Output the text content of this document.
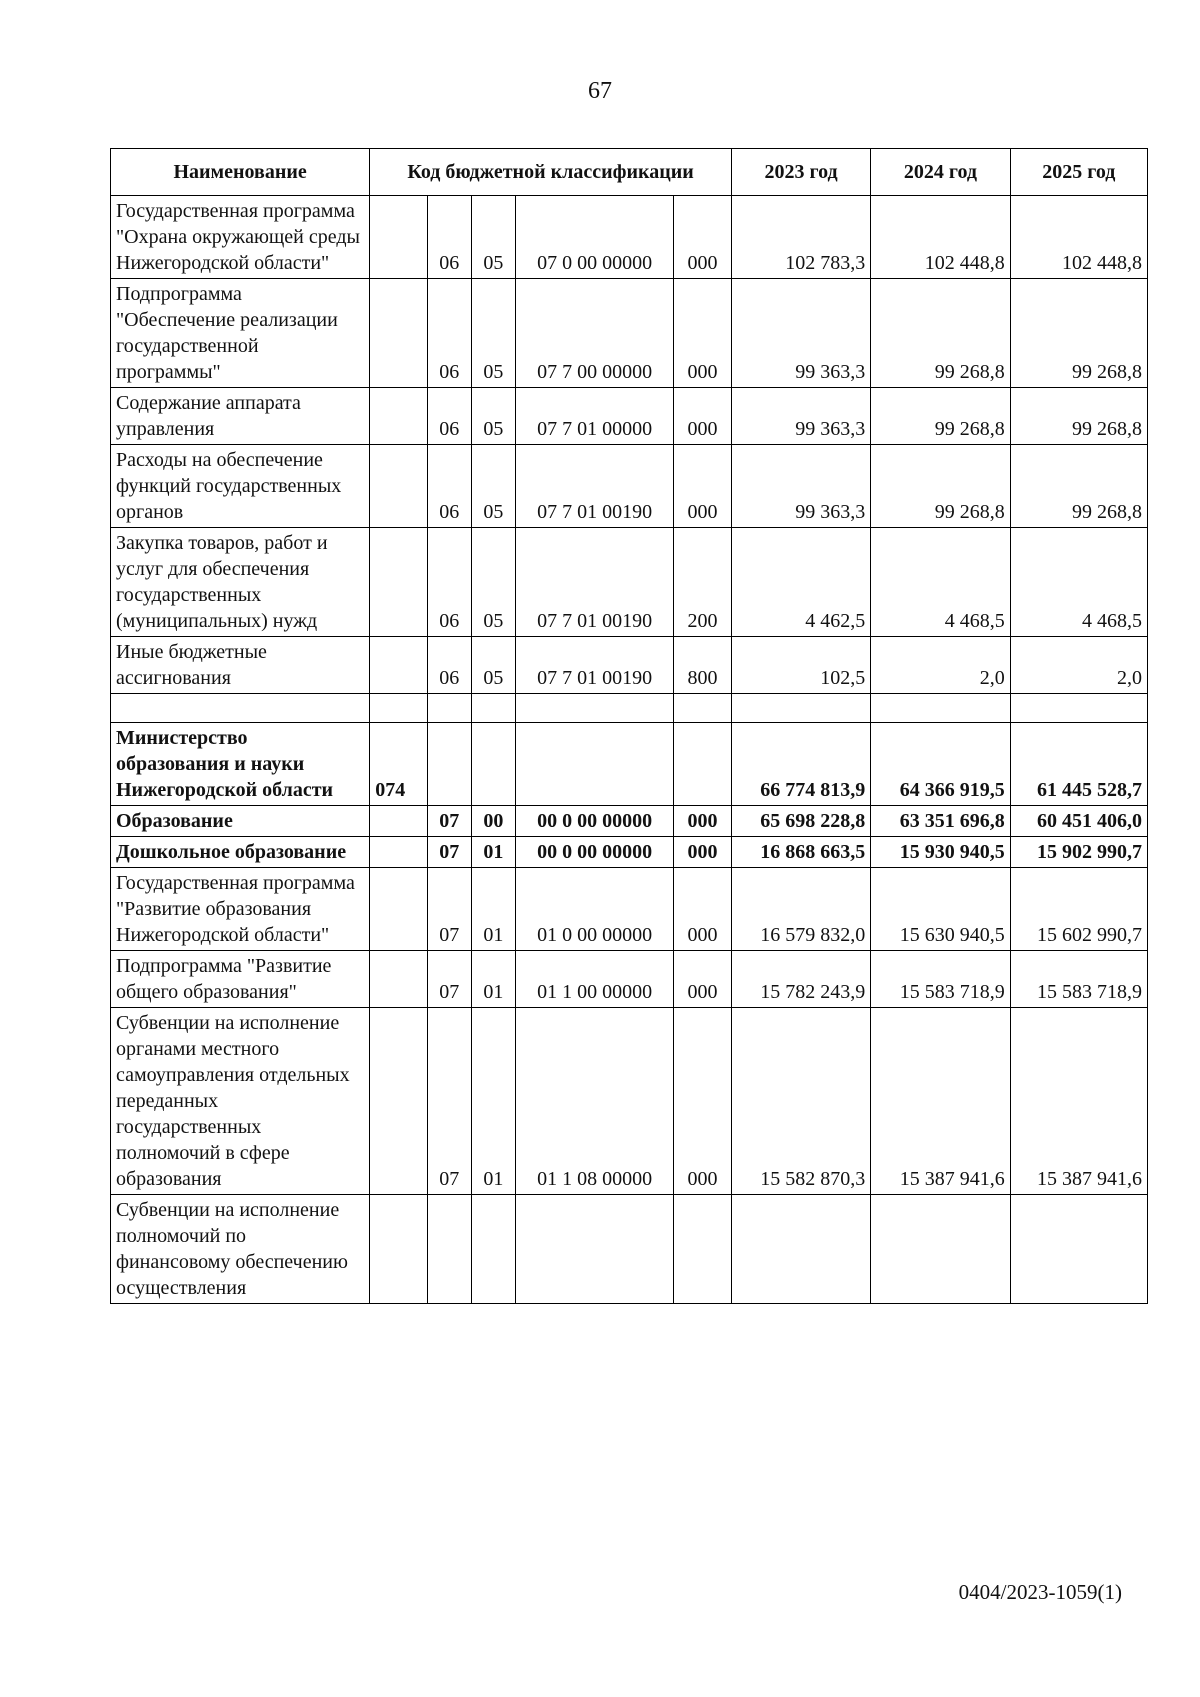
67
Наименование	Код бюджетной классификации					2023 год	2024 год	2025 год
Государственная программа "Охрана окружающей среды Нижегородской области"		06	05	07 0 00 00000	000	102 783,3	102 448,8	102 448,8
Подпрограмма "Обеспечение реализации государственной программы"		06	05	07 7 00 00000	000	99 363,3	99 268,8	99 268,8
Содержание аппарата управления		06	05	07 7 01 00000	000	99 363,3	99 268,8	99 268,8
Расходы на обеспечение функций государственных органов		06	05	07 7 01 00190	000	99 363,3	99 268,8	99 268,8
Закупка товаров, работ и услуг для обеспечения государственных (муниципальных) нужд		06	05	07 7 01 00190	200	4 462,5	4 468,5	4 468,5
Иные бюджетные ассигнования		06	05	07 7 01 00190	800	102,5	2,0	2,0

Министерство образования и науки Нижегородской области	074					66 774 813,9	64 366 919,5	61 445 528,7
Образование		07	00	00 0 00 00000	000	65 698 228,8	63 351 696,8	60 451 406,0
Дошкольное образование		07	01	00 0 00 00000	000	16 868 663,5	15 930 940,5	15 902 990,7
Государственная программа "Развитие образования Нижегородской области"		07	01	01 0 00 00000	000	16 579 832,0	15 630 940,5	15 602 990,7
Подпрограмма "Развитие общего образования"		07	01	01 1 00 00000	000	15 782 243,9	15 583 718,9	15 583 718,9
Субвенции на исполнение органами местного самоуправления отдельных переданных государственных полномочий в сфере образования		07	01	01 1 08 00000	000	15 582 870,3	15 387 941,6	15 387 941,6
Субвенции на исполнение полномочий по финансовому обеспечению осуществления								
0404/2023-1059(1)
